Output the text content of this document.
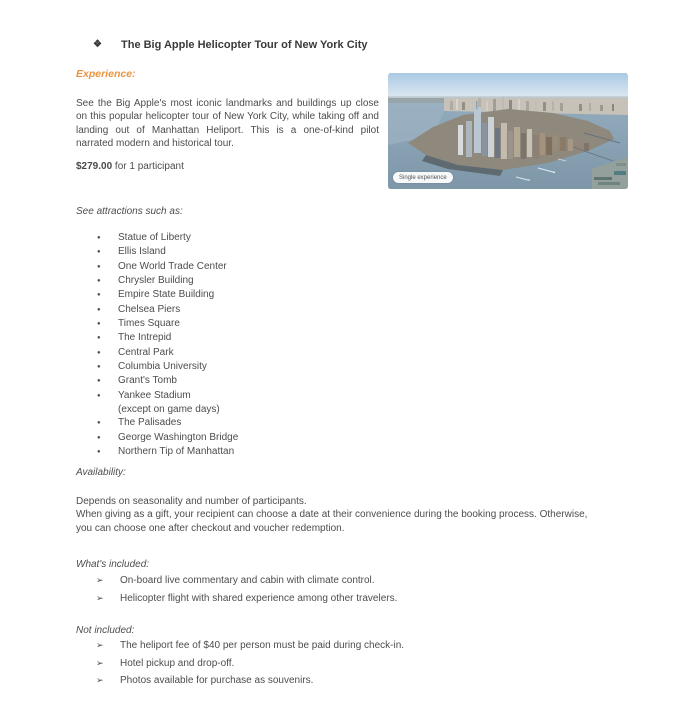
❖	The Big Apple Helicopter Tour of New York City
Experience:
Single experience
See the Big Apple's most iconic landmarks and buildings up close on this popular helicopter tour of New York City, while taking off and landing out of Manhattan Heliport. This is a one-of-kind pilot narrated modern and historical tour.
$279.00 for 1 participant
See attractions such as:
●	Statue of Liberty
●	Ellis Island
●	One World Trade Center
●	Chrysler Building
●	Empire State Building
●	Chelsea Piers
●	Times Square
●	The Intrepid
●	Central Park
●	Columbia University
●	Grant's Tomb
●	Yankee Stadium
(except on game days)
●	The Palisades
●	George Washington Bridge
●	Northern Tip of Manhattan
Availability:
Depends on seasonality and number of participants.
When giving as a gift, your recipient can choose a date at their convenience during the booking process. Otherwise, you can choose one after checkout and voucher redemption.
What's included:
➢	On-board live commentary and cabin with climate control.
➢	Helicopter flight with shared experience among other travelers.
Not included:
➢	The heliport fee of $40 per person must be paid during check-in.
➢	Hotel pickup and drop-off.
➢	Photos available for purchase as souvenirs.
